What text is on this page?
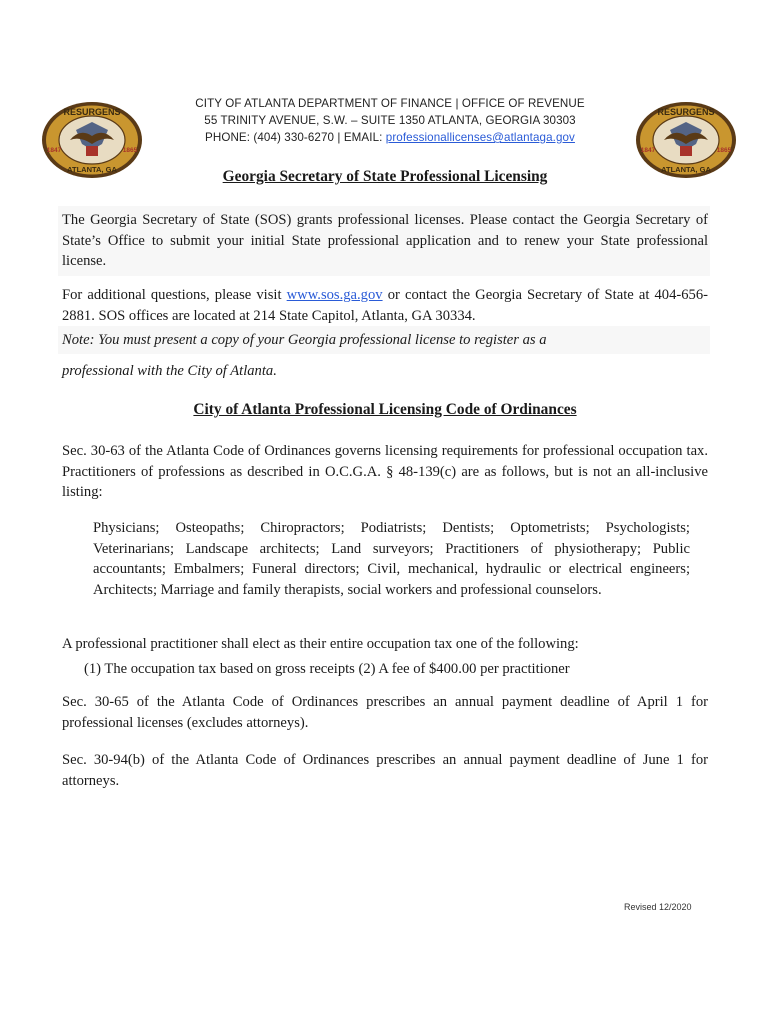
RESURGENS
ATLANTA, GA
1847	1865
RESURGENS
ATLANTA, GA
1847	1865
CITY OF ATLANTA DEPARTMENT OF FINANCE | OFFICE OF REVENUE
55 TRINITY AVENUE, S.W. – SUITE 1350 ATLANTA, GEORGIA 30303
PHONE: (404) 330-6270 | EMAIL: professionallicenses@atlantaga.gov
Georgia Secretary of State Professional Licensing
The Georgia Secretary of State (SOS) grants professional licenses. Please contact the Georgia Secretary of State’s Office to submit your initial State professional application and to renew your State professional license.
For additional questions, please visit www.sos.ga.gov or contact the Georgia Secretary of State at 404-656-2881. SOS offices are located at 214 State Capitol, Atlanta, GA 30334.
Note: You must present a copy of your Georgia professional license to register as a
professional with the City of Atlanta.
City of Atlanta Professional Licensing Code of Ordinances
Sec. 30-63 of the Atlanta Code of Ordinances governs licensing requirements for professional occupation tax. Practitioners of professions as described in O.C.G.A. § 48-139(c) are as follows, but is not an all-inclusive listing:
Physicians; Osteopaths; Chiropractors; Podiatrists; Dentists; Optometrists; Psychologists; Veterinarians; Landscape architects; Land surveyors; Practitioners of physiotherapy; Public accountants; Embalmers; Funeral directors; Civil, mechanical, hydraulic or electrical engineers; Architects; Marriage and family therapists, social workers and professional counselors.
A professional practitioner shall elect as their entire occupation tax one of the following:
(1) The occupation tax based on gross receipts (2) A fee of $400.00 per practitioner
Sec. 30-65 of the Atlanta Code of Ordinances prescribes an annual payment deadline of April 1 for professional licenses (excludes attorneys).
Sec. 30-94(b) of the Atlanta Code of Ordinances prescribes an annual payment deadline of June 1 for attorneys.
Revised 12/2020
